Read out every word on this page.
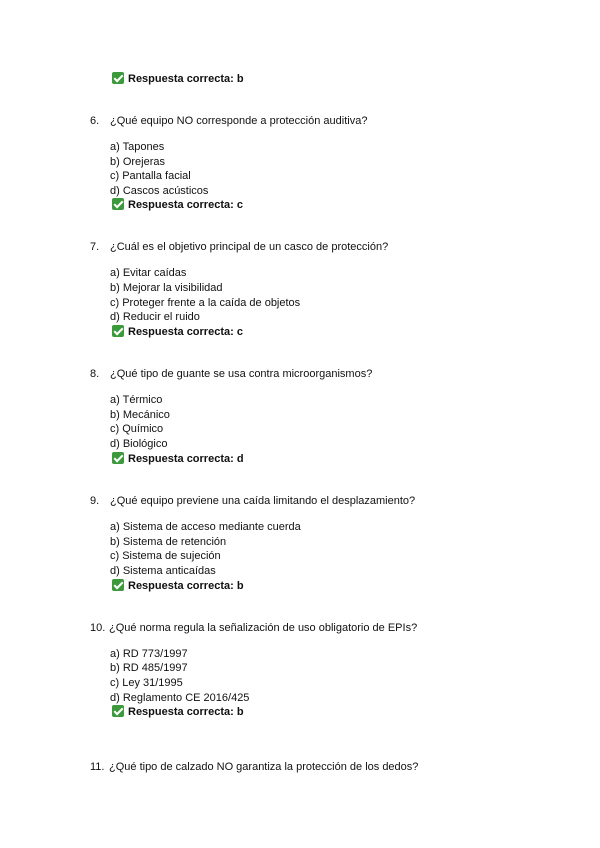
Respuesta correcta: b
6. ¿Qué equipo NO corresponde a protección auditiva?
a) Tapones
b) Orejeras
c) Pantalla facial
d) Cascos acústicos
Respuesta correcta: c
7. ¿Cuál es el objetivo principal de un casco de protección?
a) Evitar caídas
b) Mejorar la visibilidad
c) Proteger frente a la caída de objetos
d) Reducir el ruido
Respuesta correcta: c
8. ¿Qué tipo de guante se usa contra microorganismos?
a) Térmico
b) Mecánico
c) Químico
d) Biológico
Respuesta correcta: d
9. ¿Qué equipo previene una caída limitando el desplazamiento?
a) Sistema de acceso mediante cuerda
b) Sistema de retención
c) Sistema de sujeción
d) Sistema anticaídas
Respuesta correcta: b
10. ¿Qué norma regula la señalización de uso obligatorio de EPIs?
a) RD 773/1997
b) RD 485/1997
c) Ley 31/1995
d) Reglamento CE 2016/425
Respuesta correcta: b
11. ¿Qué tipo de calzado NO garantiza la protección de los dedos?
